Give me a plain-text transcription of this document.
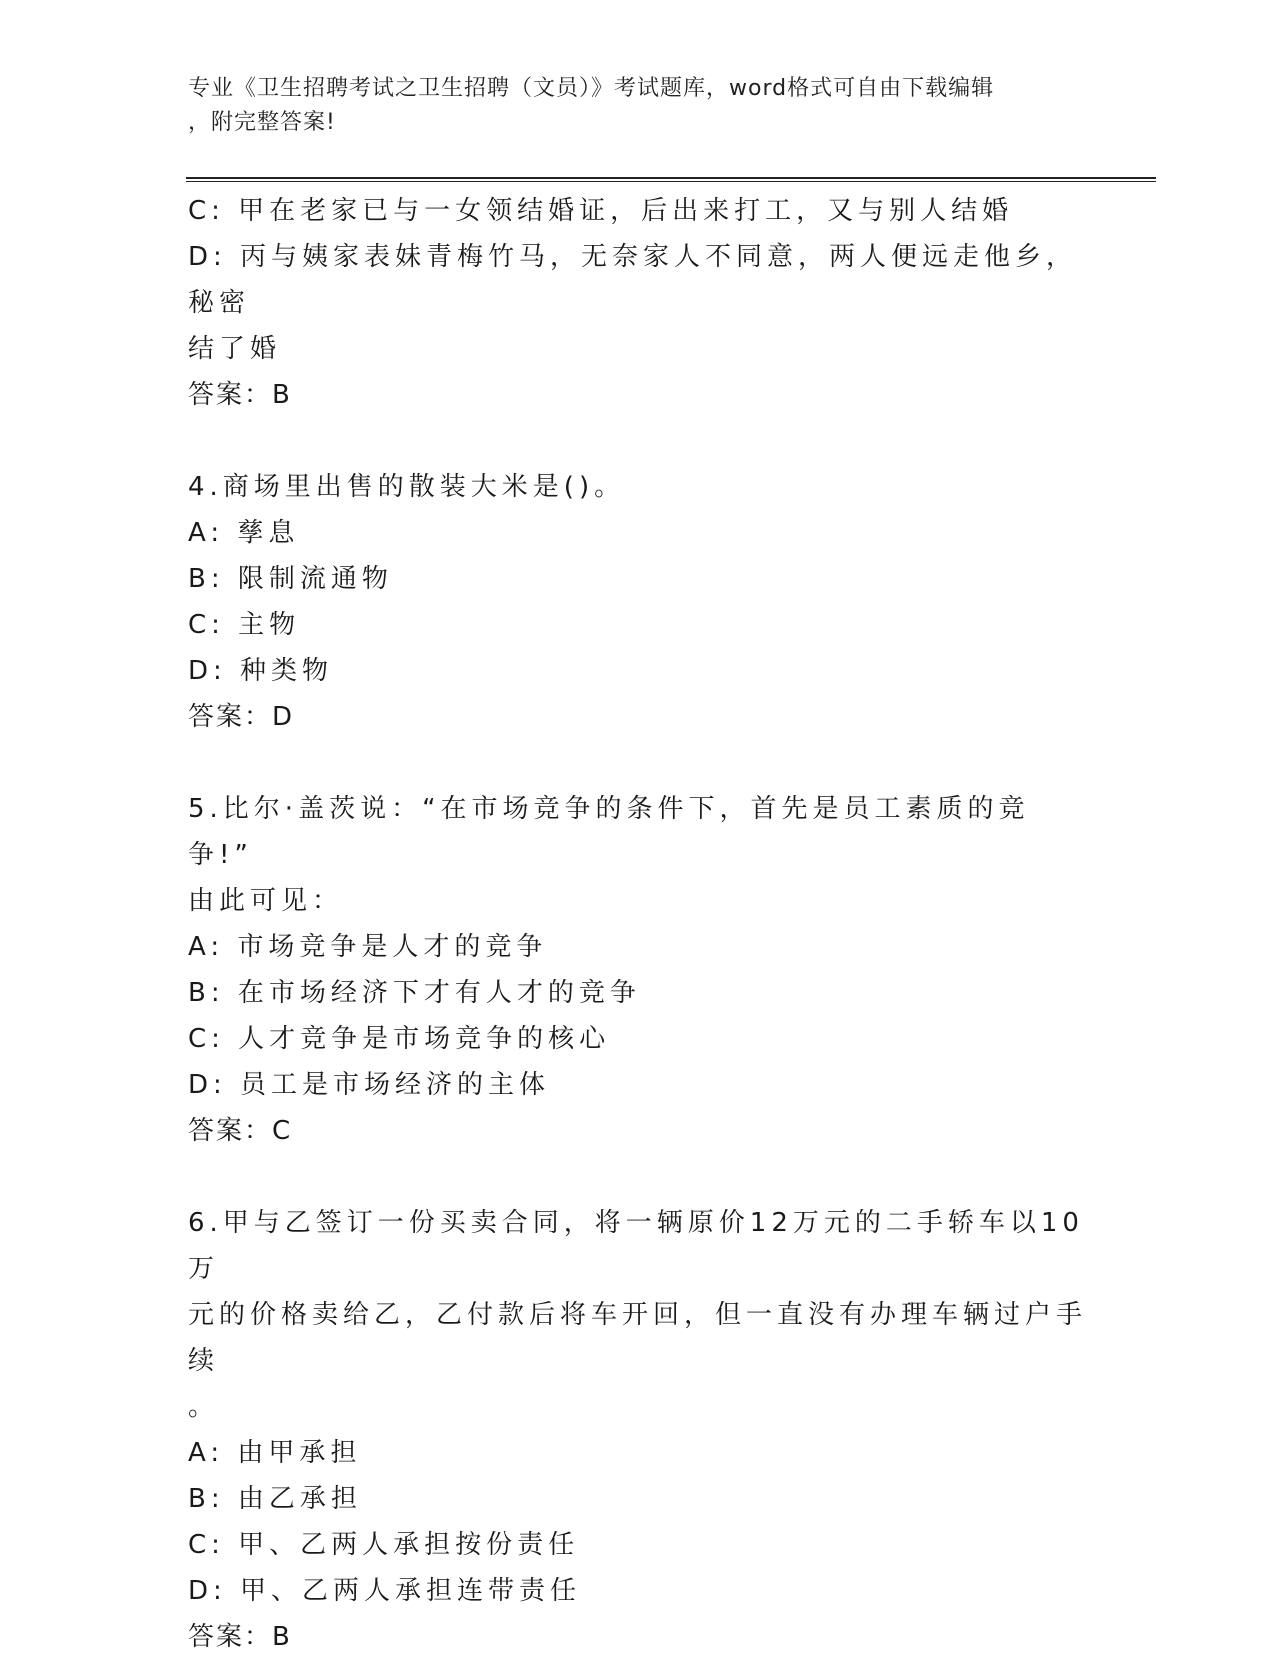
专业《卫生招聘考试之卫生招聘（文员）》考试题库，word格式可自由下载编辑
，附完整答案!
C: 甲在老家已与一女领结婚证，后出来打工，又与别人结婚
D: 丙与姨家表妹青梅竹马，无奈家人不同意，两人便远走他乡，秘密
结了婚
答案：B
4.商场里出售的散装大米是()。
A: 孳息
B: 限制流通物
C: 主物
D: 种类物
答案：D
5.比尔·盖茨说：“在市场竞争的条件下，首先是员工素质的竞争!”
由此可见：
A: 市场竞争是人才的竞争
B: 在市场经济下才有人才的竞争
C: 人才竞争是市场竞争的核心
D: 员工是市场经济的主体
答案：C
6.甲与乙签订一份买卖合同，将一辆原价12万元的二手轿车以10万
元的价格卖给乙，乙付款后将车开回，但一直没有办理车辆过户手续
。
A: 由甲承担
B: 由乙承担
C: 甲、乙两人承担按份责任
D: 甲、乙两人承担连带责任
答案：B
